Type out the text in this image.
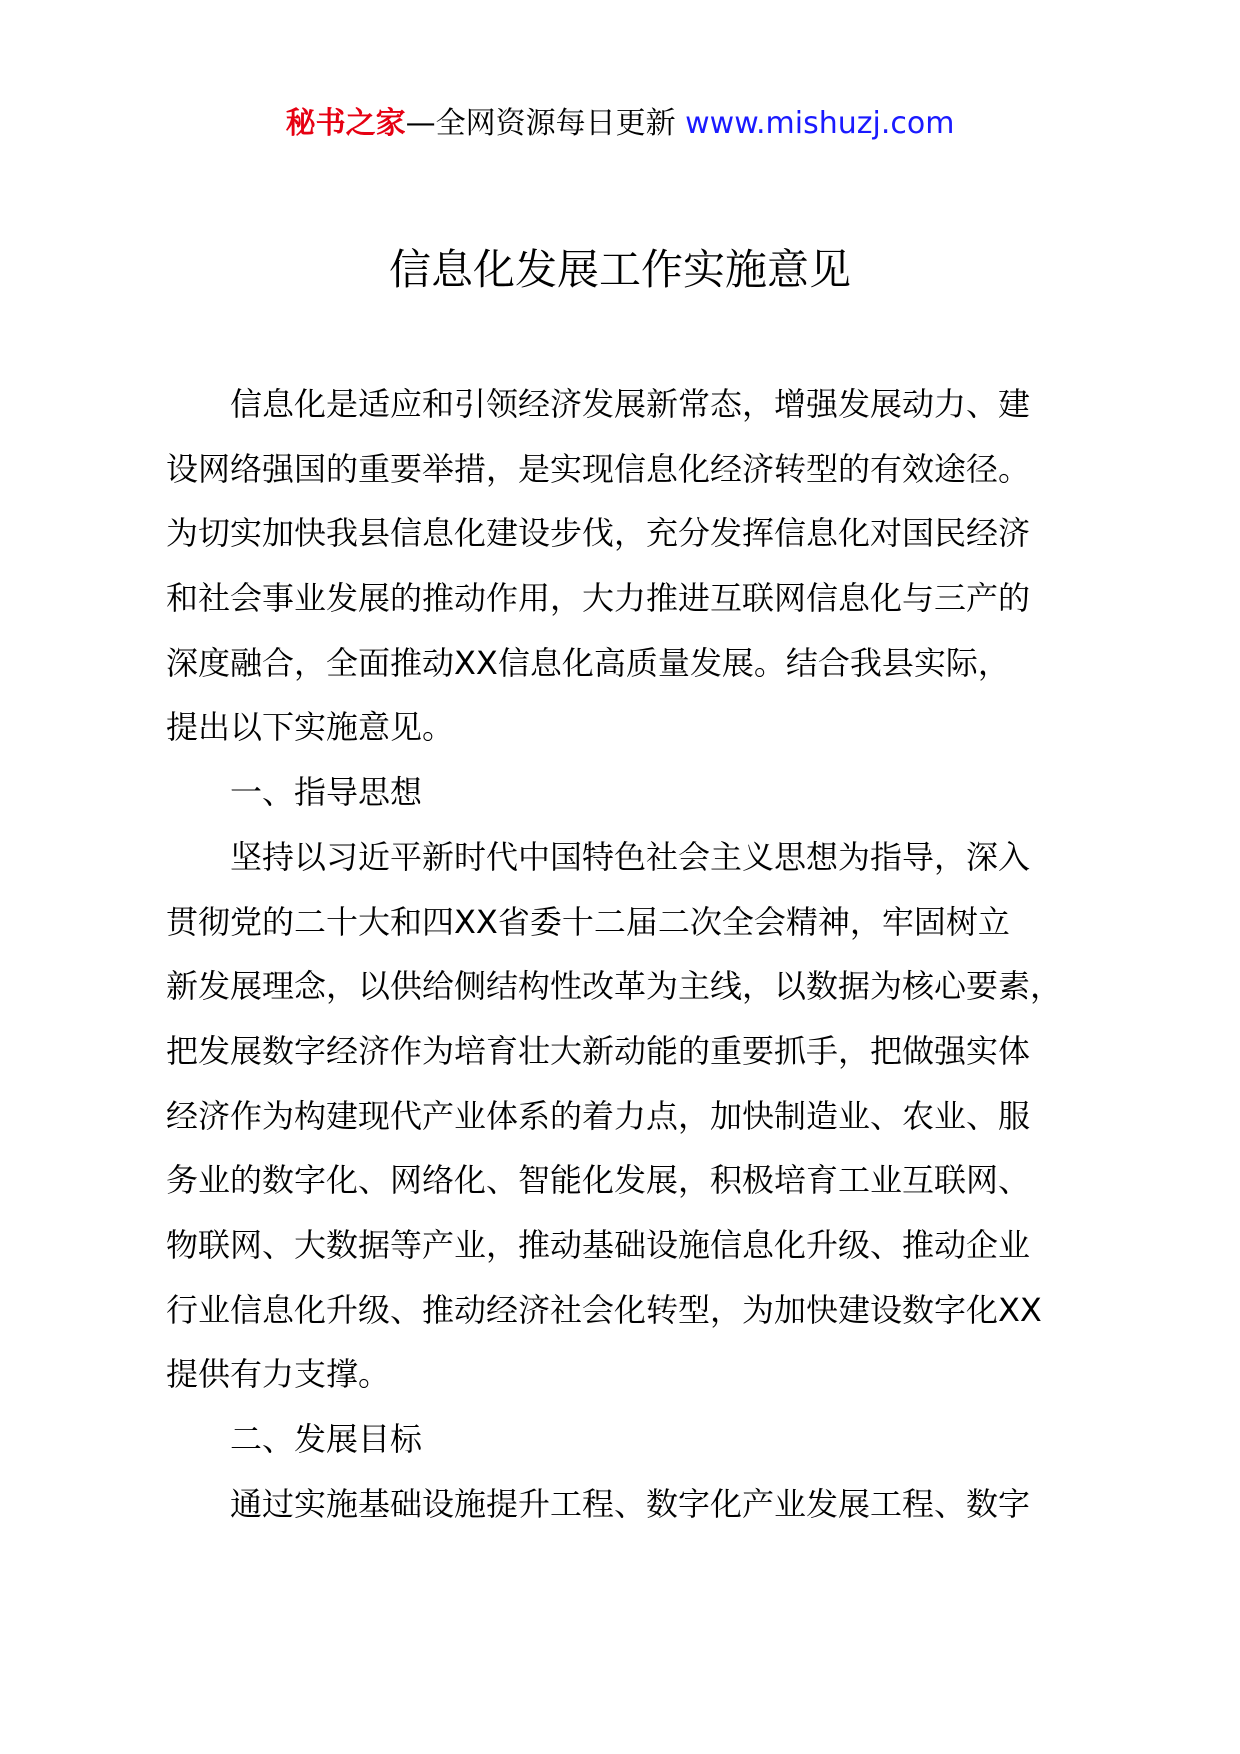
秘书之家—全网资源每日更新 www.mishuzj.com
信息化发展工作实施意见
信息化是适应和引领经济发展新常态，增强发展动力、建
设网络强国的重要举措，是实现信息化经济转型的有效途径。
为切实加快我县信息化建设步伐，充分发挥信息化对国民经济
和社会事业发展的推动作用，大力推进互联网信息化与三产的
深度融合，全面推动XX信息化高质量发展。结合我县实际，
提出以下实施意见。
一、指导思想
坚持以习近平新时代中国特色社会主义思想为指导，深入
贯彻党的二十大和四XX省委十二届二次全会精神，牢固树立
新发展理念，以供给侧结构性改革为主线，以数据为核心要素，
把发展数字经济作为培育壮大新动能的重要抓手，把做强实体
经济作为构建现代产业体系的着力点，加快制造业、农业、服
务业的数字化、网络化、智能化发展，积极培育工业互联网、
物联网、大数据等产业，推动基础设施信息化升级、推动企业
行业信息化升级、推动经济社会化转型，为加快建设数字化XX
提供有力支撑。
二、发展目标
通过实施基础设施提升工程、数字化产业发展工程、数字
